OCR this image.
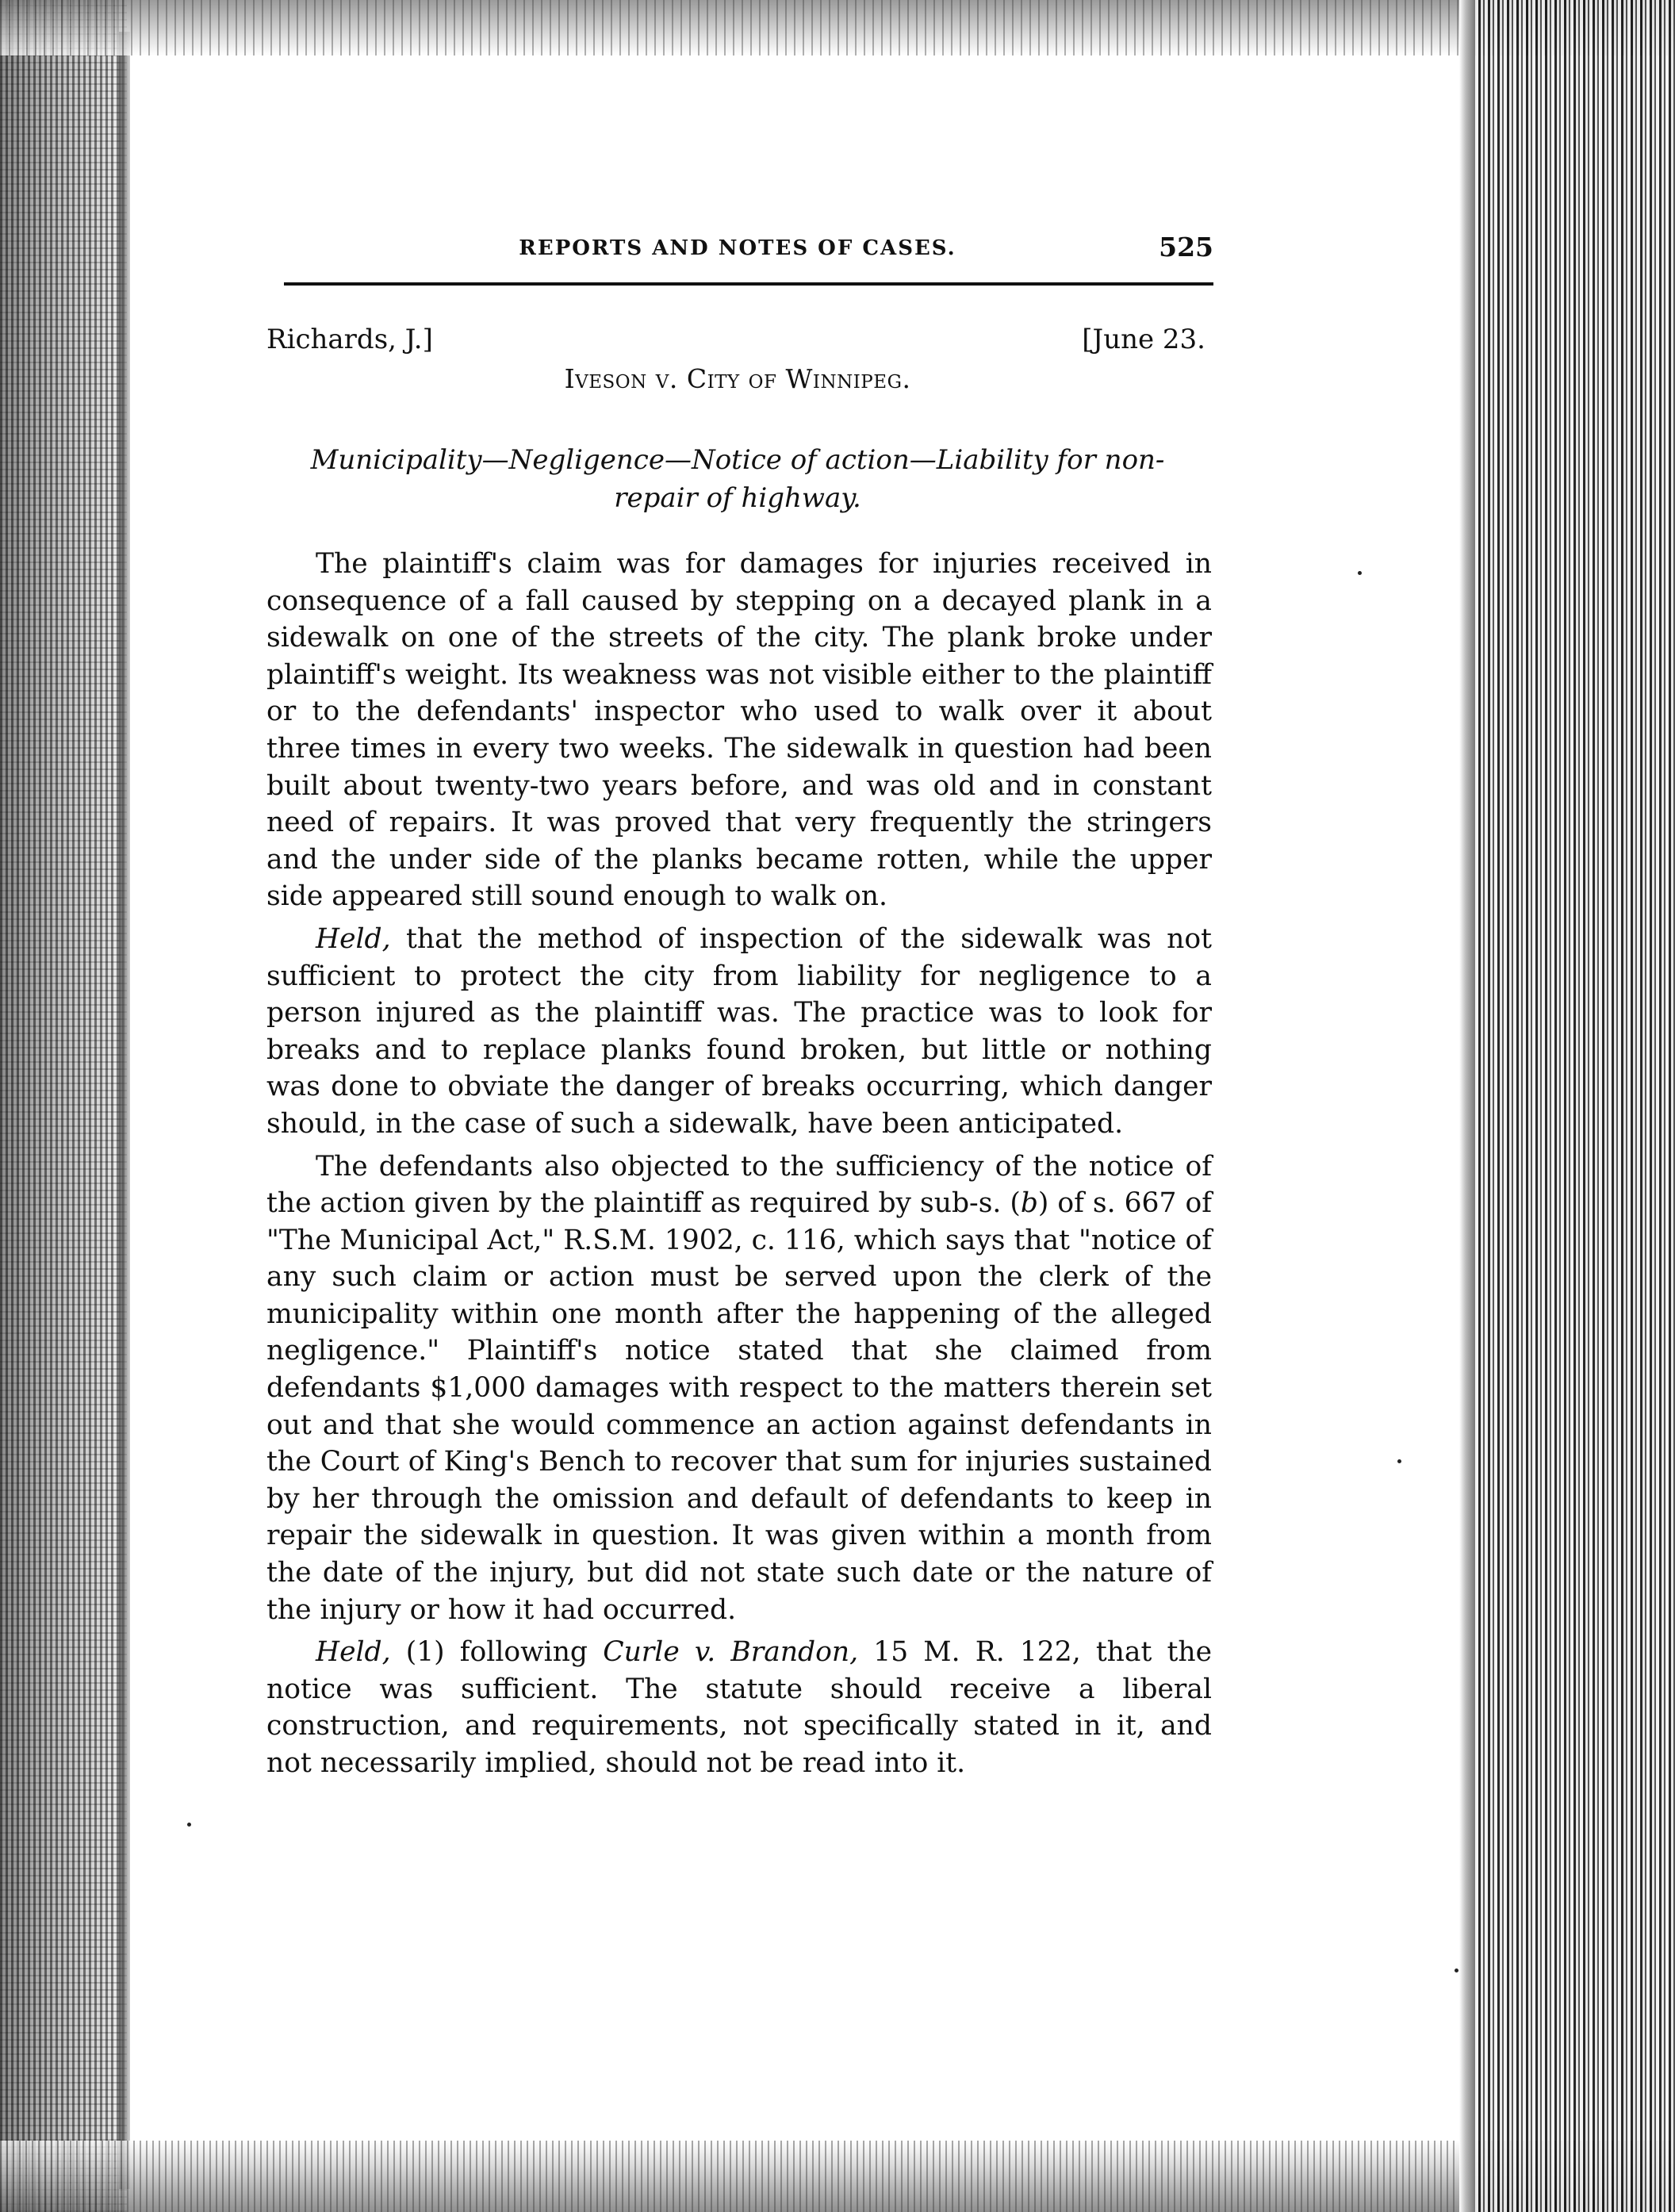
REPORTS AND NOTES OF CASES.	525
Richards, J.]	[June 23.
Iveson v. City of Winnipeg.
Municipality—Negligence—Notice of action—Liability for non-
repair of highway.

The plaintiff's claim was for damages for injuries received in consequence of a fall caused by stepping on a decayed plank in a sidewalk on one of the streets of the city. The plank broke under plaintiff's weight. Its weakness was not visible either to the plaintiff or to the defendants' inspector who used to walk over it about three times in every two weeks. The sidewalk in question had been built about twenty-two years before, and was old and in constant need of repairs. It was proved that very frequently the stringers and the under side of the planks became rotten, while the upper side appeared still sound enough to walk on.

Held, that the method of inspection of the sidewalk was not sufficient to protect the city from liability for negligence to a person injured as the plaintiff was. The practice was to look for breaks and to replace planks found broken, but little or nothing was done to obviate the danger of breaks occurring, which danger should, in the case of such a sidewalk, have been anticipated.

The defendants also objected to the sufficiency of the notice of the action given by the plaintiff as required by sub-s. (b) of s. 667 of "The Municipal Act," R.S.M. 1902, c. 116, which says that "notice of any such claim or action must be served upon the clerk of the municipality within one month after the happening of the alleged negligence." Plaintiff's notice stated that she claimed from defendants $1,000 damages with respect to the matters therein set out and that she would commence an action against defendants in the Court of King's Bench to recover that sum for injuries sustained by her through the omission and default of defendants to keep in repair the sidewalk in question. It was given within a month from the date of the injury, but did not state such date or the nature of the injury or how it had occurred.

Held, (1) following Curle v. Brandon, 15 M. R. 122, that the notice was sufficient. The statute should receive a liberal construction, and requirements, not specifically stated in it, and not necessarily implied, should not be read into it.
